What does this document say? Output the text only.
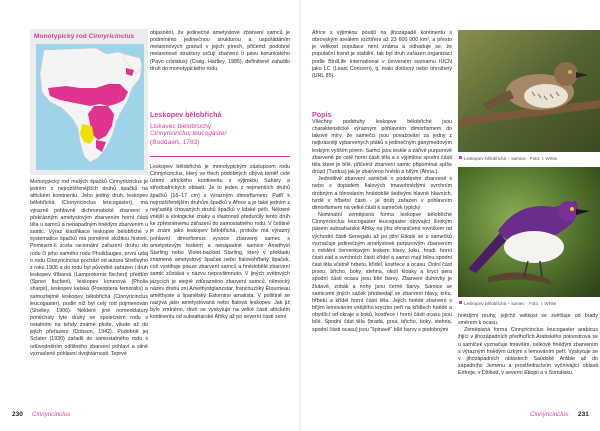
Monotypický rod Cinnyricinclus

Monotypický rod malých špačků Cinnyricinclus je jedním z nejrozšířenějších druhů špačků na africkém kontinentu. Jeho jediný druh, leskopev bělobřichá (Cinnyricinclus leucogaster), má výrazně pohlavně dichromatické zbarvení s překrásným ametystovým zbarvením horní části těla u samců a nenápadným hnědým zbarvením u samic. Výraz klasifikace leskopve bělobřiché v systematice špačků má poměrně složitou historii. Pominem-li zcela racionální zařazení druhu do rodu či jeho samého rodu Pholidauges, první údaj o rodu Cinnyricinclus pochází od autora Shelleyho z roku 1906 a do rodu byl původně zařazen i druh leskopev tříbarvá (Lamprotornis fischeri) předtím (Spreo fischeri), leskopev korunová (Pholia sharpii), leskopev kelská (Poeoptera femoralis) a samozřejmě leskopev bělobřichá (Cinnyricinclus leucogaster), podle níž byl celý rod pojmenován (Shelley, 1906). Některé jiné nomenklatury poněchaly tyto druhy ve společném rodu s ostatními na tehdy známé ploše, všude až do jejich přeřazení (Dobson, 1942). Podobně jej Sclater (1930) zařadil do samostatného rodu s odůvodněním odlišného zbarvení pohlaví a silně vyznačené pohlavní dvojtvárnosti. Teprve

objasnění, že jedinečné ametystové zbarvení samců je podmíněno jedinečnou strukturou a uspořádáním melaninových granulí v jejich pírech, přičemž podobné melaninové struktury určují zbarvení u pávu korunkatého (Pavo cristatus) (Craig, Hartley, 1985), definitivně zařadilo druh do monotypického rodu.

Leskopev bělobřichá
Liskavec bielobruchý
Cinnyricinclus leucogaster
(Boddaert, 1783)

Leskopev bělobřichá je monotypickým zástupcem rodu Cinnyricinclus, který ve třech podobných obývá téměř celé území afrického kontinentu s výjimkou Sahary a středoafrických oblastí. Je to jeden z nejmenších druhů špačků (16–17 cm) s výrazným dimorfismem. Patří k nejrozšířenějším druhům špačků v Africe a je také jedním z nejčastěji chovaných druhů špačků v lidské péči. Některé vnější a etologické znaky a vlastnosti předurčily tento druh ke zpřesněnému zařazení do samostatného rodu. V češtině je znám jako leskopev bělobřichá, protože má výrazný pohlavní dimorfismus vysoce zbarvený samec s ametystovým leskem a nenápadné samice Amethyst Starling nebo Violet-backed Starling, který v překladu znamená ametystový špaček nebo fialovohřbetý špaček, což vystihuje pouze zbarvení samců a hnědobělé zbarvení samic zůstává v názvu nepovšimnuto. V jiných světových jazycích je stejně zdůrazněno zbarvení samců, německý název druhu zní Amethystglanzstar, francouzský Étourneau améthyste a španělský Estornino amatista. V polštině se nazývá jako ametystovaná nebo fialová leskopev. Jak již bylo zmíněno, druh se vyskytuje na velké části africkém kontinentu od subsaharské Afriky až po severní části zemí

230 Cinnyricinclus

Africe s výjimkou pouští na jihozápadě kontinentu s obrovským areálem rozšíření až 23 600 000 km², a přesto je velikost populace není známa a odhaduje se, že populační trend je stabilní, tak byl druh zařazen organizací podle BirdLife International v červeném seznamu IUCN jako LC (Least Concern), tj. málo dotčený nebo ohrožený (URL 85).

Popis

Všechny poddruhy leskopve bělobřiché jsou charakteristické výrazným pohlavním dimorfismem do takové míry, že samečci jsou považováni za jedny z nejkrásněji vybarvených ptáků s jedinečným ganymedovým lesklým vyšším pírem. Samci jsou leskle a zářivě purpurově zbarvené po celé horní části těla a s výjimkou spodní části těla které je bílé, přičemž zbarvení samic připomínal spíše drozd (Turdus) jak je zbarveno hnědo a bílým (Ahna.).

Jednotlivé zbarvení samiček v podobném zbarvené s nebo s dopadem fialových tmavohnědými svrchním drobným a tónováním hnědobílé šedivými hlavně hlavních, tvrdě v hřbetní části - je druh zařazen v pohlavním dimorfismem na velké části k sameček typický.

Nominátní zeměpisná forma leskopve bělobřiché Cinnyricinclus leucogaster leucogaster obývající širokým pásem subsaharské Afriky na jihu ohraničené rovníkem od východní části Senegalu až po jižní Etiopii se u samečků vyznačuje jedinečným ametystově purpurovým zbarvením s mědění červenkavým leskem hlavy, krku, hrudi, horní části zad a svrchních částí křídel a samci mají bílou spodní část těla včetně hrbetu, křídel, kostřece a ocasu. Dolní část prsou, břicho, boky, stehna, okolí kloaky a kryci pera spodní části ocasu jsou bílé barvy. Zbarvení duhovky je žlutavé, zobák a nohy jsou černé barvy. Samice se samicemi jiných sáček předsedají ve zbarvení hlavy, krku, hřbetu a křídel horní části těla. Jejich hnědé zbarvení s bílým lemováním vnějšího krycího peří na křídlech hnědé a obydlící od okraje a boků, kostřece i horní části ocasu jsou bílé. Spodní část těla (brada, prsa, břicho, boky, stehna, spodní části ocasu) jsou "špinavě" bílé barvy s podobnými

Leskopev bělobřichá – samice · Foto: I. White
Leskopev bělobřichá – samec · Foto: I. White

hnědými pruhy, jejichž velikost se zvětšuje od brady směrem k ocasu.

Zeměpisná forma Cinnyricinclus leucogaster arabicus žijící v jihozápadních předhořích Arabského poloostrova se u samiček vyznačuje tmavším, celkově hnědým zbarvením s výrazným hnědým úzkým s lemováním peří. Vyskytuje se v jihozápadních oblastech Saúdské Arábie až do západního Jemenu a prostřednictvím vyčnívající oblasti Eritreje, v Džibutí, v severní Etiopii a v Somálsku.

Cinnyricinclus 231
